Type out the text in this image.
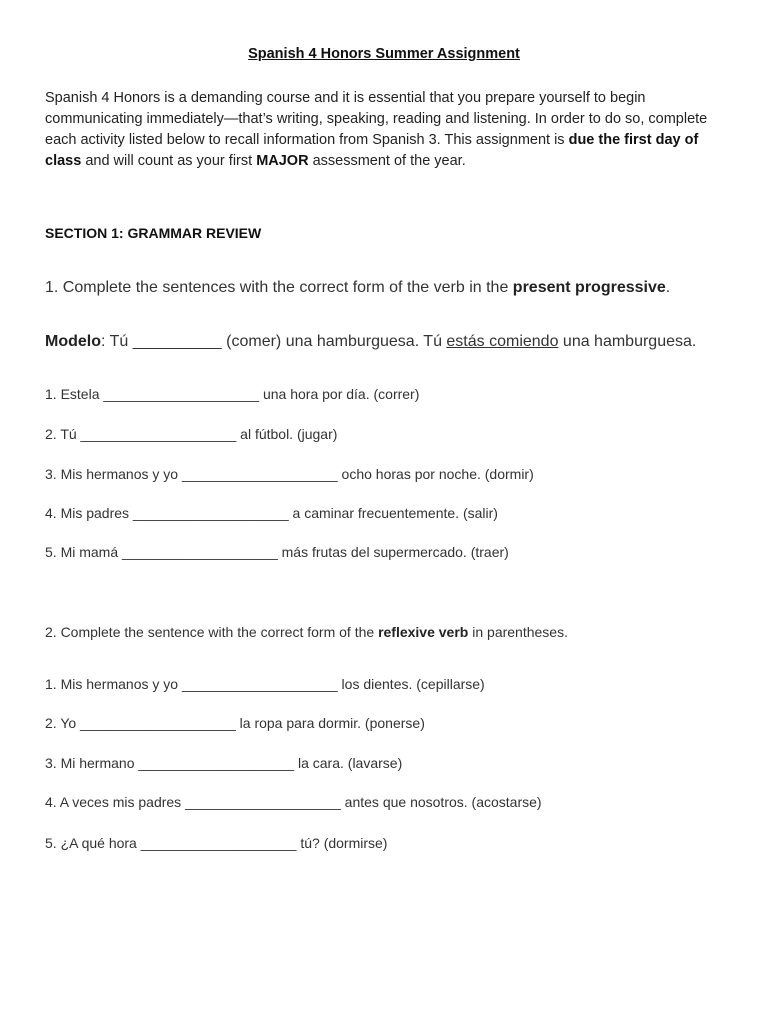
Spanish 4 Honors Summer Assignment
Spanish 4 Honors is a demanding course and it is essential that you prepare yourself to begin communicating immediately—that’s writing, speaking, reading and listening. In order to do so, complete each activity listed below to recall information from Spanish 3. This assignment is due the first day of class and will count as your first MAJOR assessment of the year.
SECTION 1: GRAMMAR REVIEW
1. Complete the sentences with the correct form of the verb in the present progressive.
Modelo: Tú __________ (comer) una hamburguesa. Tú estás comiendo una hamburguesa.
1. Estela ____________________ una hora por día. (correr)
2. Tú ____________________ al fútbol. (jugar)
3. Mis hermanos y yo ____________________ ocho horas por noche. (dormir)
4. Mis padres ____________________ a caminar frecuentemente. (salir)
5. Mi mamá ____________________ más frutas del supermercado. (traer)
2. Complete the sentence with the correct form of the reflexive verb in parentheses.
1. Mis hermanos y yo ____________________ los dientes. (cepillarse)
2. Yo ____________________ la ropa para dormir. (ponerse)
3. Mi hermano ____________________ la cara. (lavarse)
4. A veces mis padres ____________________ antes que nosotros. (acostarse)
5. ¿A qué hora ____________________ tú? (dormirse)
